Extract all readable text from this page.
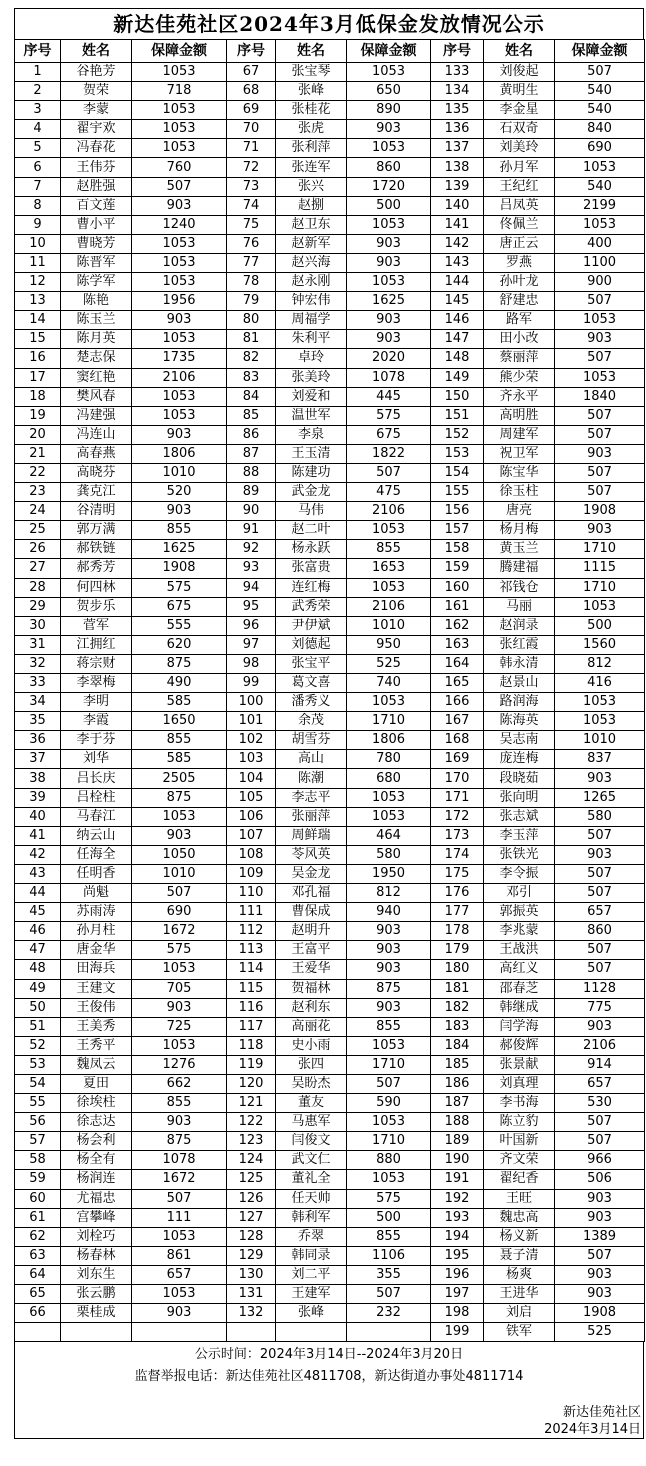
新达佳苑社区2024年3月低保金发放情况公示
序号	姓名	保障金额	序号	姓名	保障金额	序号	姓名	保障金额
1	谷艳芳	1053	67	张宝琴	1053	133	刘俊起	507
2	贺荣	718	68	张峰	650	134	黄明生	540
3	李蒙	1053	69	张桂花	890	135	李金星	540
4	翟宇欢	1053	70	张虎	903	136	石双奇	840
5	冯春花	1053	71	张利萍	1053	137	刘美玲	690
6	王伟芬	760	72	张连军	860	138	孙月军	1053
7	赵胜强	507	73	张兴	1720	139	王纪红	540
8	百文莲	903	74	赵捌	500	140	吕凤英	2199
9	曹小平	1240	75	赵卫东	1053	141	佟佩兰	1053
10	曹晓芳	1053	76	赵新军	903	142	唐正云	400
11	陈晋军	1053	77	赵兴海	903	143	罗燕	1100
12	陈学军	1053	78	赵永刚	1053	144	孙叶龙	900
13	陈艳	1956	79	钟宏伟	1625	145	舒建忠	507
14	陈玉兰	903	80	周福学	903	146	路军	1053
15	陈月英	1053	81	朱利平	903	147	田小改	903
16	楚志保	1735	82	卓玲	2020	148	蔡丽萍	507
17	窦红艳	2106	83	张美玲	1078	149	熊少荣	1053
18	樊风春	1053	84	刘爱和	445	150	齐永平	1840
19	冯建强	1053	85	温世军	575	151	高明胜	507
20	冯连山	903	86	李泉	675	152	周建军	507
21	高春燕	1806	87	王玉清	1822	153	祝卫军	903
22	高晓芬	1010	88	陈建功	507	154	陈宝华	507
23	龚克江	520	89	武金龙	475	155	徐玉柱	507
24	谷清明	903	90	马伟	2106	156	唐亮	1908
25	郭万满	855	91	赵二叶	1053	157	杨月梅	903
26	郝铁链	1625	92	杨永跃	855	158	黄玉兰	1710
27	郝秀芳	1908	93	张富贵	1653	159	腾建福	1115
28	何四林	575	94	连红梅	1053	160	祁钱仓	1710
29	贺步乐	675	95	武秀荣	2106	161	马丽	1053
30	菅军	555	96	尹伊斌	1010	162	赵润录	500
31	江拥红	620	97	刘德起	950	163	张红霞	1560
32	蒋宗财	875	98	张宝平	525	164	韩永清	812
33	李翠梅	490	99	葛文喜	740	165	赵景山	416
34	李明	585	100	潘秀义	1053	166	路润海	1053
35	李霞	1650	101	余茂	1710	167	陈海英	1053
36	李于芬	855	102	胡雪芬	1806	168	吴志南	1010
37	刘华	585	103	高山	780	169	庞连梅	837
38	吕长庆	2505	104	陈潮	680	170	段晓茹	903
39	吕栓柱	875	105	李志平	1053	171	张向明	1265
40	马春江	1053	106	张丽萍	1053	172	张志斌	580
41	纳云山	903	107	周鲜瑞	464	173	李玉萍	507
42	任海全	1050	108	苓风英	580	174	张铁光	903
43	任明香	1010	109	吴金龙	1950	175	李令振	507
44	尚魁	507	110	邓孔福	812	176	邓引	507
45	苏雨涛	690	111	曹保成	940	177	郭振英	657
46	孙月柱	1672	112	赵明升	903	178	李兆蒙	860
47	唐金华	575	113	王富平	903	179	王战洪	507
48	田海兵	1053	114	王爱华	903	180	高红义	507
49	王建文	705	115	贺福林	875	181	邵春芝	1128
50	王俊伟	903	116	赵利东	903	182	韩继成	775
51	王美秀	725	117	高丽花	855	183	闫学海	903
52	王秀平	1053	118	史小雨	1053	184	郝俊辉	2106
53	魏凤云	1276	119	张四	1710	185	张景献	914
54	夏田	662	120	吴盼杰	507	186	刘真理	657
55	徐埃柱	855	121	董友	590	187	李书海	530
56	徐志达	903	122	马惠军	1053	188	陈立豹	507
57	杨会利	875	123	闫俊文	1710	189	叶国新	507
58	杨全有	1078	124	武文仁	880	190	齐文荣	966
59	杨润连	1672	125	董礼全	1053	191	翟纪香	506
60	尤福忠	507	126	任天帅	575	192	王旺	903
61	宫攀峰	111	127	韩利军	500	193	魏忠高	903
62	刘栓巧	1053	128	乔翠	855	194	杨义新	1389
63	杨春林	861	129	韩同录	1106	195	聂子清	507
64	刘东生	657	130	刘二平	355	196	杨爽	903
65	张云鹏	1053	131	王建军	507	197	王进华	903
66	栗桂成	903	132	张峰	232	198	刘启	1908
						199	铁军	525
公示时间：2024年3月14日--2024年3月20日
监督举报电话：新达佳苑社区4811708，新达街道办事处4811714
新达佳苑社区
2024年3月14日
